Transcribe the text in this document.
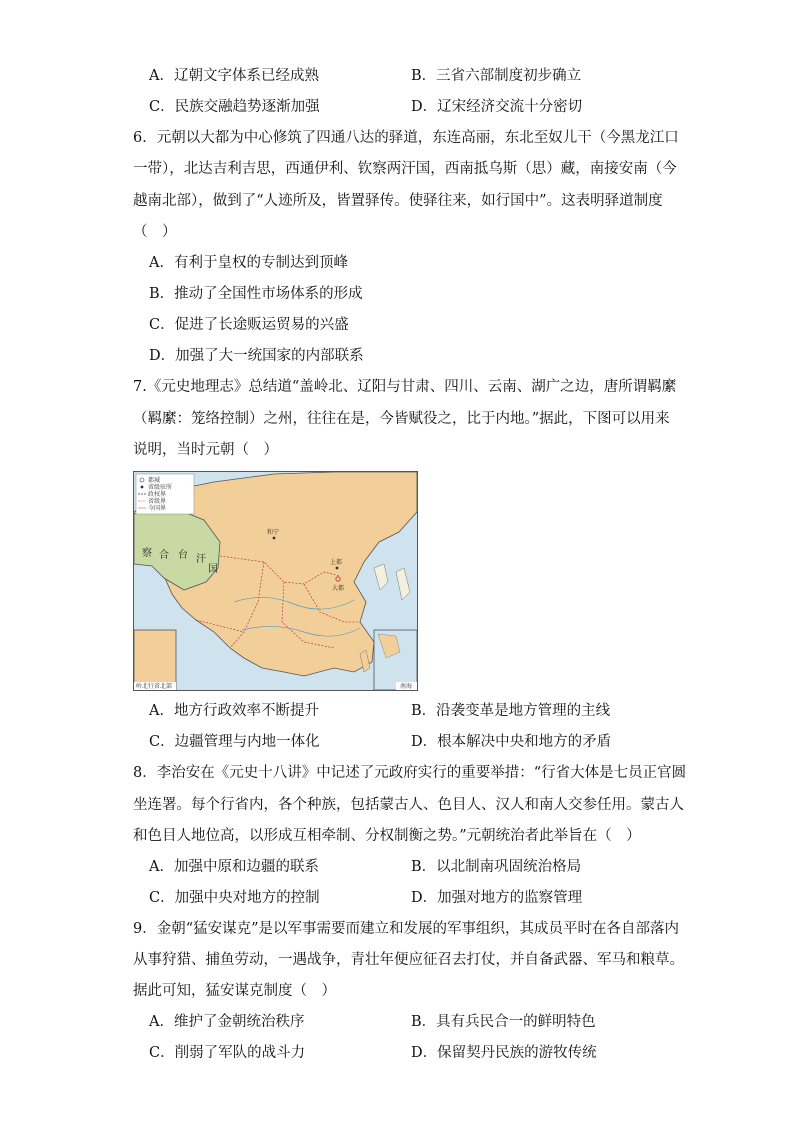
A．辽朝文字体系已经成熟	B．三省六部制度初步确立
C．民族交融趋势逐渐加强	D．辽宋经济交流十分密切
6．元朝以大都为中心修筑了四通八达的驿道，东连高丽，东北至奴儿干（今黑龙江口
一带），北达吉利吉思，西通伊利、钦察两汗国，西南抵乌斯（思）藏，南接安南（今
越南北部），做到了“人迹所及，皆置驿传。使驿往来，如行国中”。这表明驿道制度
（　）
A．有利于皇权的专制达到顶峰
B．推动了全国性市场体系的形成
C．促进了长途贩运贸易的兴盛
D．加强了大一统国家的内部联系
7.《元史地理志》总结道“盖岭北、辽阳与甘肃、四川、云南、湖广之边，唐所谓羁縻
（羁縻：笼络控制）之州，往往在是，今皆赋役之，比于内地。”据此，下图可以用来
说明，当时元朝（　）
都城
省级驻所
政权界
省级界
今国界
察 合 台 汗
国
和宁
上都
大都
岭北行省北部	南海
A．地方行政效率不断提升	B．沿袭变革是地方管理的主线
C．边疆管理与内地一体化	D．根本解决中央和地方的矛盾
8．李治安在《元史十八讲》中记述了元政府实行的重要举措：“行省大体是七员正官圆
坐连署。每个行省内，各个种族，包括蒙古人、色目人、汉人和南人交参任用。蒙古人
和色目人地位高，以形成互相牵制、分权制衡之势。”元朝统治者此举旨在（　）
A．加强中原和边疆的联系	B．以北制南巩固统治格局
C．加强中央对地方的控制	D．加强对地方的监察管理
9．金朝“猛安谋克”是以军事需要而建立和发展的军事组织，其成员平时在各自部落内
从事狩猎、捕鱼劳动，一遇战争，青壮年便应征召去打仗，并自备武器、军马和粮草。
据此可知，猛安谋克制度（　）
A．维护了金朝统治秩序	B．具有兵民合一的鲜明特色
C．削弱了军队的战斗力	D．保留契丹民族的游牧传统
